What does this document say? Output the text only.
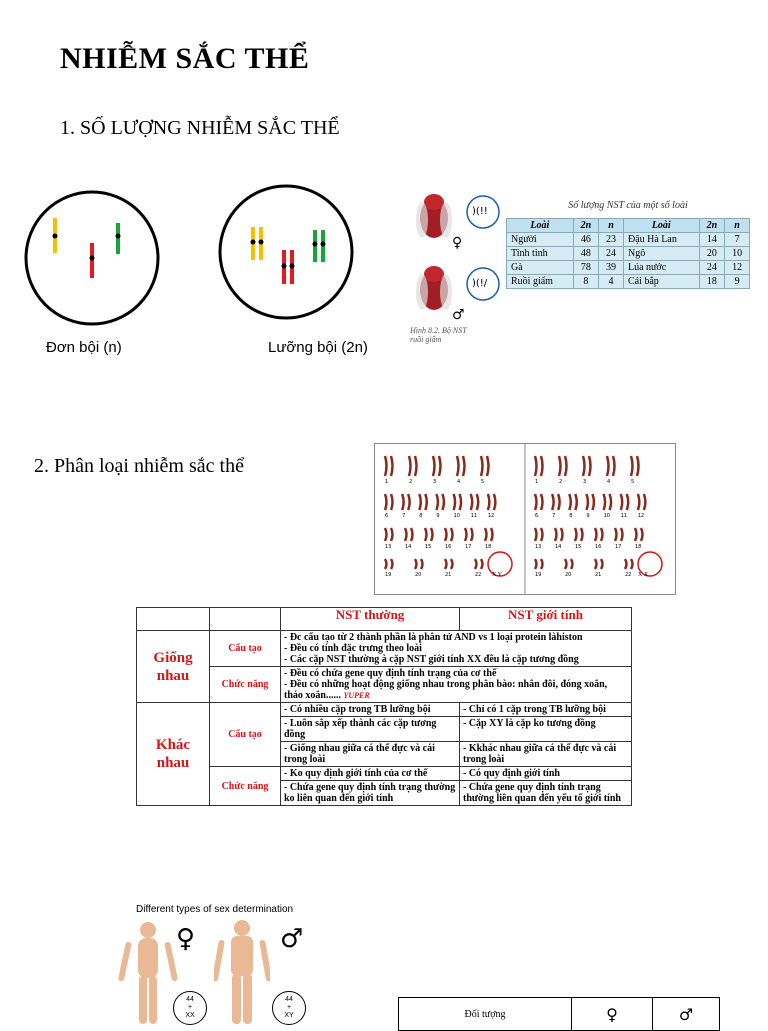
NHIỄM SẮC THỂ
1. SỐ LƯỢNG NHIỄM SẮC THỂ
Đơn bội (n)	Lưỡng bội (2n)
)(!!
)(!/
♀
♂
Hình 8.2. Bộ NST ruồi giấm
Số lượng NST của một số loài
Loài	2n	n	Loài	2n	n
Người	46	23	Đậu Hà Lan	14	7
Tinh tinh	48	24	Ngô	20	10
Gà	78	39	Lúa nước	24	12
Ruồi giấm	8	4	Cải bắp	18	9
2. Phân loại nhiễm sắc thể
1	2	3	4	5
6	7	8	9	10 11 12
13	14	15	16	17	18
19	20	21	22
1	2	3	4	5
6	7	8	9	10 11 12
13	14	15	16	17	18
19	20	21	22
X Y	X X
		NST thường	NST giới tính
Giống nhau	Cấu tạo	- Đc cấu tạo từ 2 thành phần là phân tử AND vs 1 loại protein làhiston
- Đều có tính đặc trưng theo loài
- Các cặp NST thường à cặp NST giới tính XX đều là cặp tương đồng	
	Chức năng	- Đều có chứa gene quy định tính trạng của cơ thể
- Đều có những hoạt động giống nhau trong phân bào: nhân đôi, đóng xoắn, tháo xoắn...... YUPER	
Khác nhau	Cấu tạo	- Có nhiều cặp trong TB lưỡng bội	- Chỉ có 1 cặp trong TB lưỡng bội
		- Luôn sắp xếp thành các cặp tương đồng	- Cặp XY là cặp ko tương đồng
		- Giống nhau giữa cá thể đực và cái trong loài	- Kkhác nhau giữa cá thể đực và cái trong loài
	Chức năng	- Ko quy định giới tính của cơ thể	- Có quy định giới tính
		- Chứa gene quy định tính trạng thường ko liên quan đến giới tính	- Chứa gene quy định tính trạng thường liên quan đến yếu tố giới tính
Different types of sex determination
♀	♂
44
+
XX
44
+
XY	Đối tượng	♀	♂
